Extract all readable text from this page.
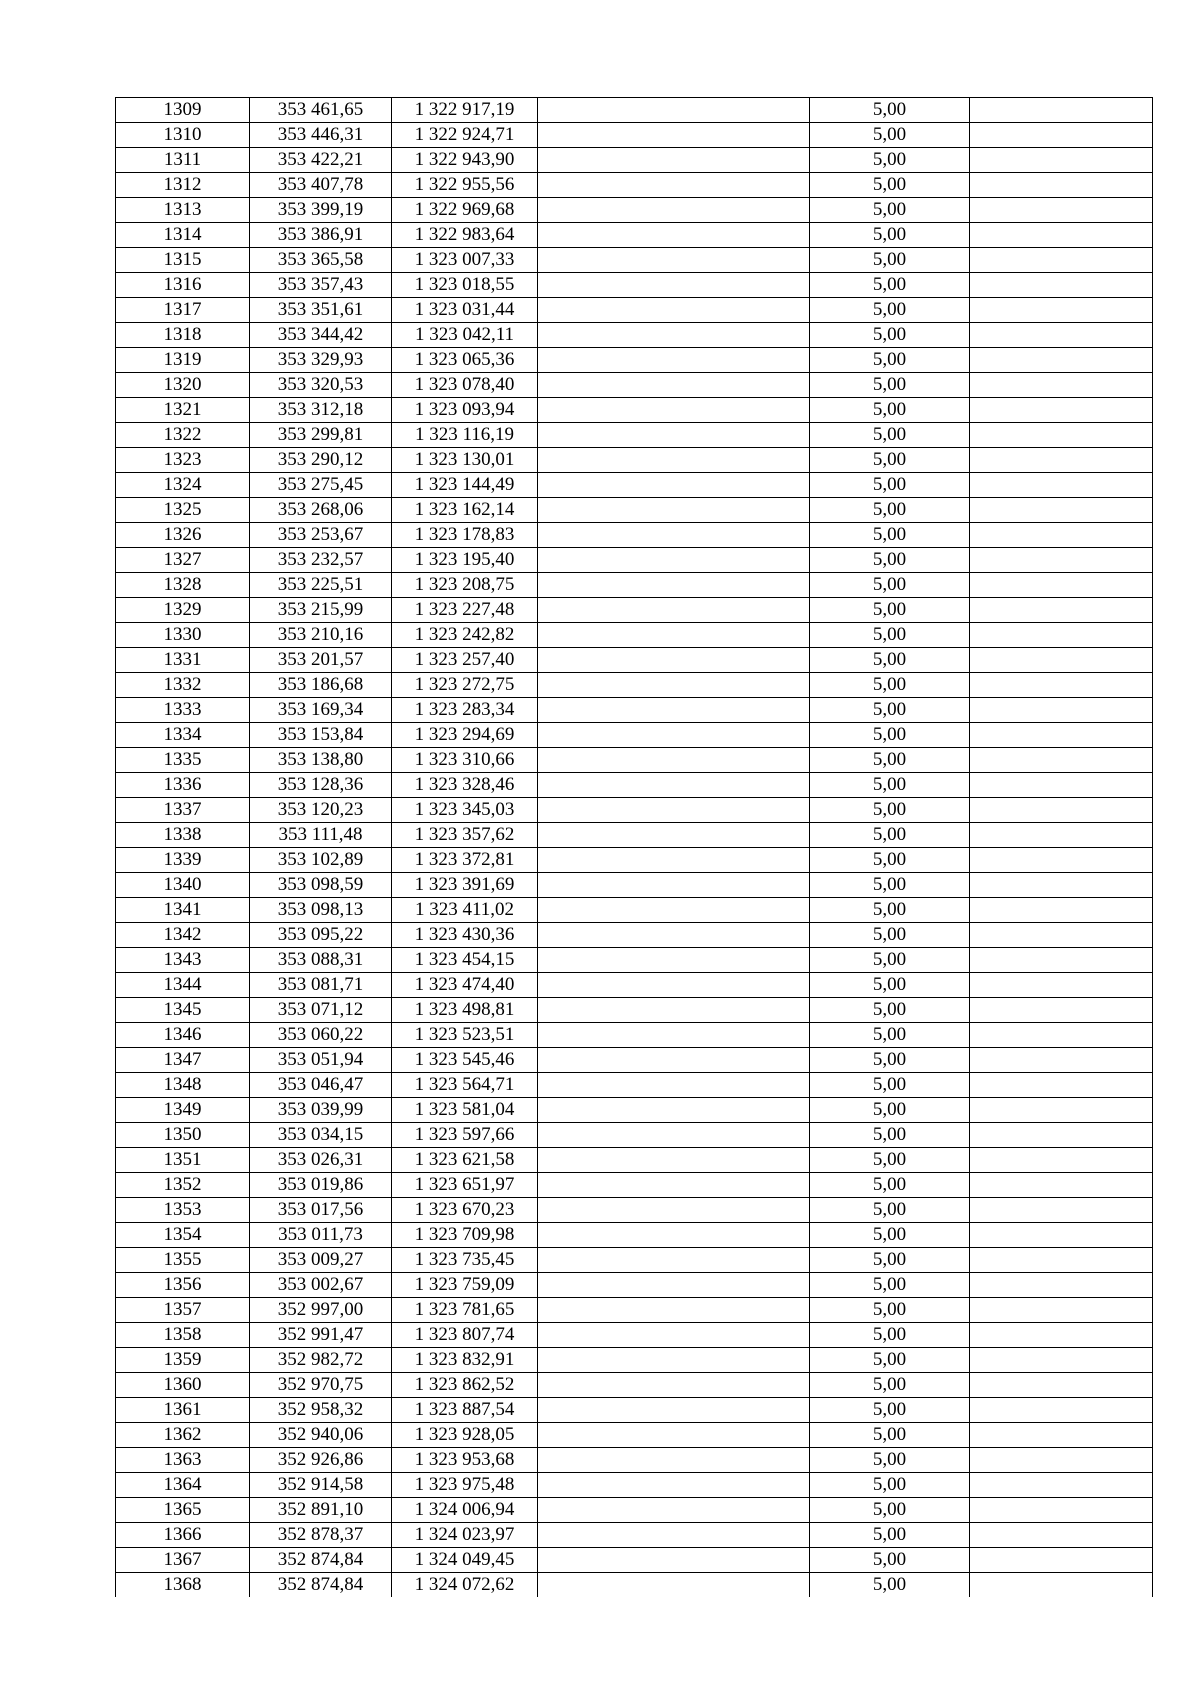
1309	353 461,65	1 322 917,19		5,00	
1310	353 446,31	1 322 924,71		5,00	
1311	353 422,21	1 322 943,90		5,00	
1312	353 407,78	1 322 955,56		5,00	
1313	353 399,19	1 322 969,68		5,00	
1314	353 386,91	1 322 983,64		5,00	
1315	353 365,58	1 323 007,33		5,00	
1316	353 357,43	1 323 018,55		5,00	
1317	353 351,61	1 323 031,44		5,00	
1318	353 344,42	1 323 042,11		5,00	
1319	353 329,93	1 323 065,36		5,00	
1320	353 320,53	1 323 078,40		5,00	
1321	353 312,18	1 323 093,94		5,00	
1322	353 299,81	1 323 116,19		5,00	
1323	353 290,12	1 323 130,01		5,00	
1324	353 275,45	1 323 144,49		5,00	
1325	353 268,06	1 323 162,14		5,00	
1326	353 253,67	1 323 178,83		5,00	
1327	353 232,57	1 323 195,40		5,00	
1328	353 225,51	1 323 208,75		5,00	
1329	353 215,99	1 323 227,48		5,00	
1330	353 210,16	1 323 242,82		5,00	
1331	353 201,57	1 323 257,40		5,00	
1332	353 186,68	1 323 272,75		5,00	
1333	353 169,34	1 323 283,34		5,00	
1334	353 153,84	1 323 294,69		5,00	
1335	353 138,80	1 323 310,66		5,00	
1336	353 128,36	1 323 328,46		5,00	
1337	353 120,23	1 323 345,03		5,00	
1338	353 111,48	1 323 357,62		5,00	
1339	353 102,89	1 323 372,81		5,00	
1340	353 098,59	1 323 391,69		5,00	
1341	353 098,13	1 323 411,02		5,00	
1342	353 095,22	1 323 430,36		5,00	
1343	353 088,31	1 323 454,15		5,00	
1344	353 081,71	1 323 474,40		5,00	
1345	353 071,12	1 323 498,81		5,00	
1346	353 060,22	1 323 523,51		5,00	
1347	353 051,94	1 323 545,46		5,00	
1348	353 046,47	1 323 564,71		5,00	
1349	353 039,99	1 323 581,04		5,00	
1350	353 034,15	1 323 597,66		5,00	
1351	353 026,31	1 323 621,58		5,00	
1352	353 019,86	1 323 651,97		5,00	
1353	353 017,56	1 323 670,23		5,00	
1354	353 011,73	1 323 709,98		5,00	
1355	353 009,27	1 323 735,45		5,00	
1356	353 002,67	1 323 759,09		5,00	
1357	352 997,00	1 323 781,65		5,00	
1358	352 991,47	1 323 807,74		5,00	
1359	352 982,72	1 323 832,91		5,00	
1360	352 970,75	1 323 862,52		5,00	
1361	352 958,32	1 323 887,54		5,00	
1362	352 940,06	1 323 928,05		5,00	
1363	352 926,86	1 323 953,68		5,00	
1364	352 914,58	1 323 975,48		5,00	
1365	352 891,10	1 324 006,94		5,00	
1366	352 878,37	1 324 023,97		5,00	
1367	352 874,84	1 324 049,45		5,00	
1368	352 874,84	1 324 072,62		5,00	
